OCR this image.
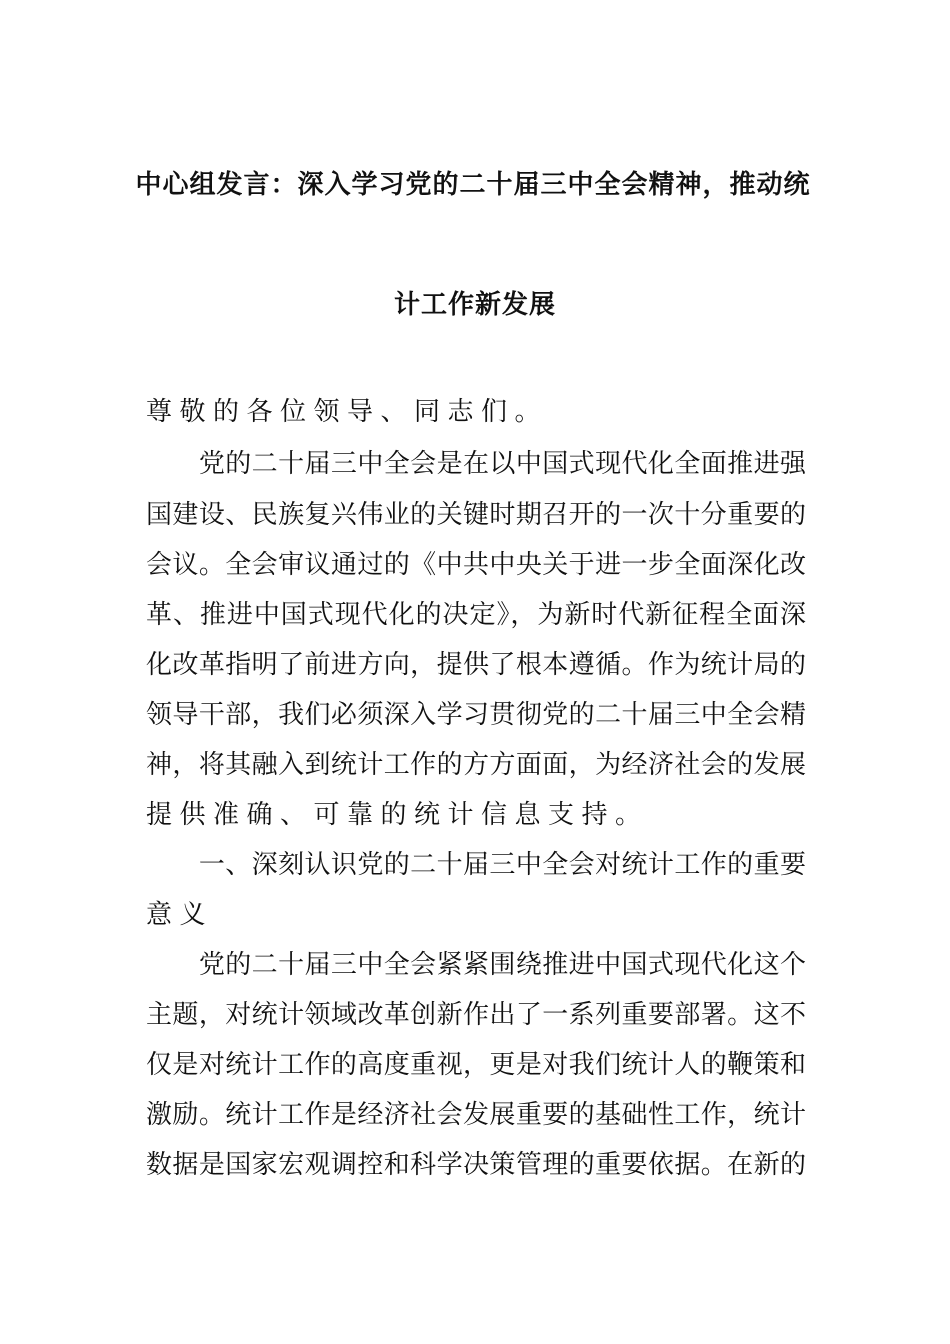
中心组发言：深入学习党的二十届三中全会精神，推动统
计工作新发展
尊敬的各位领导、同志们。
　　党的二十届三中全会是在以中国式现代化全面推进强
国建设、民族复兴伟业的关键时期召开的一次十分重要的
会议。全会审议通过的《中共中央关于进一步全面深化改
革、推进中国式现代化的决定》，为新时代新征程全面深
化改革指明了前进方向，提供了根本遵循。作为统计局的
领导干部，我们必须深入学习贯彻党的二十届三中全会精
神，将其融入到统计工作的方方面面，为经济社会的发展
提供准确、可靠的统计信息支持。
　　一、深刻认识党的二十届三中全会对统计工作的重要
意义
　　党的二十届三中全会紧紧围绕推进中国式现代化这个
主题，对统计领域改革创新作出了一系列重要部署。这不
仅是对统计工作的高度重视，更是对我们统计人的鞭策和
激励。统计工作是经济社会发展重要的基础性工作，统计
数据是国家宏观调控和科学决策管理的重要依据。在新的
